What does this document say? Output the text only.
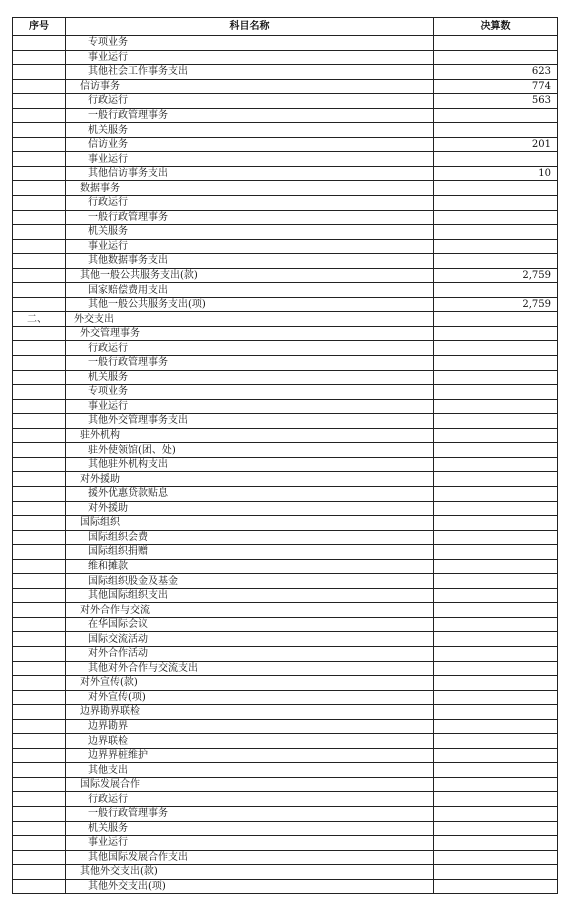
序号	科目名称	决算数
	专项业务	
	事业运行	
	其他社会工作事务支出	623
	信访事务	774
	行政运行	563
	一般行政管理事务	
	机关服务	
	信访业务	201
	事业运行	
	其他信访事务支出	10
	数据事务	
	行政运行	
	一般行政管理事务	
	机关服务	
	事业运行	
	其他数据事务支出	
	其他一般公共服务支出(款)	2,759
	国家赔偿费用支出	
	其他一般公共服务支出(项)	2,759
二、	外交支出	
	外交管理事务	
	行政运行	
	一般行政管理事务	
	机关服务	
	专项业务	
	事业运行	
	其他外交管理事务支出	
	驻外机构	
	驻外使领馆(团、处)	
	其他驻外机构支出	
	对外援助	
	援外优惠贷款贴息	
	对外援助	
	国际组织	
	国际组织会费	
	国际组织捐赠	
	维和摊款	
	国际组织股金及基金	
	其他国际组织支出	
	对外合作与交流	
	在华国际会议	
	国际交流活动	
	对外合作活动	
	其他对外合作与交流支出	
	对外宣传(款)	
	对外宣传(项)	
	边界勘界联检	
	边界勘界	
	边界联检	
	边界界桩维护	
	其他支出	
	国际发展合作	
	行政运行	
	一般行政管理事务	
	机关服务	
	事业运行	
	其他国际发展合作支出	
	其他外交支出(款)	
	其他外交支出(项)	
